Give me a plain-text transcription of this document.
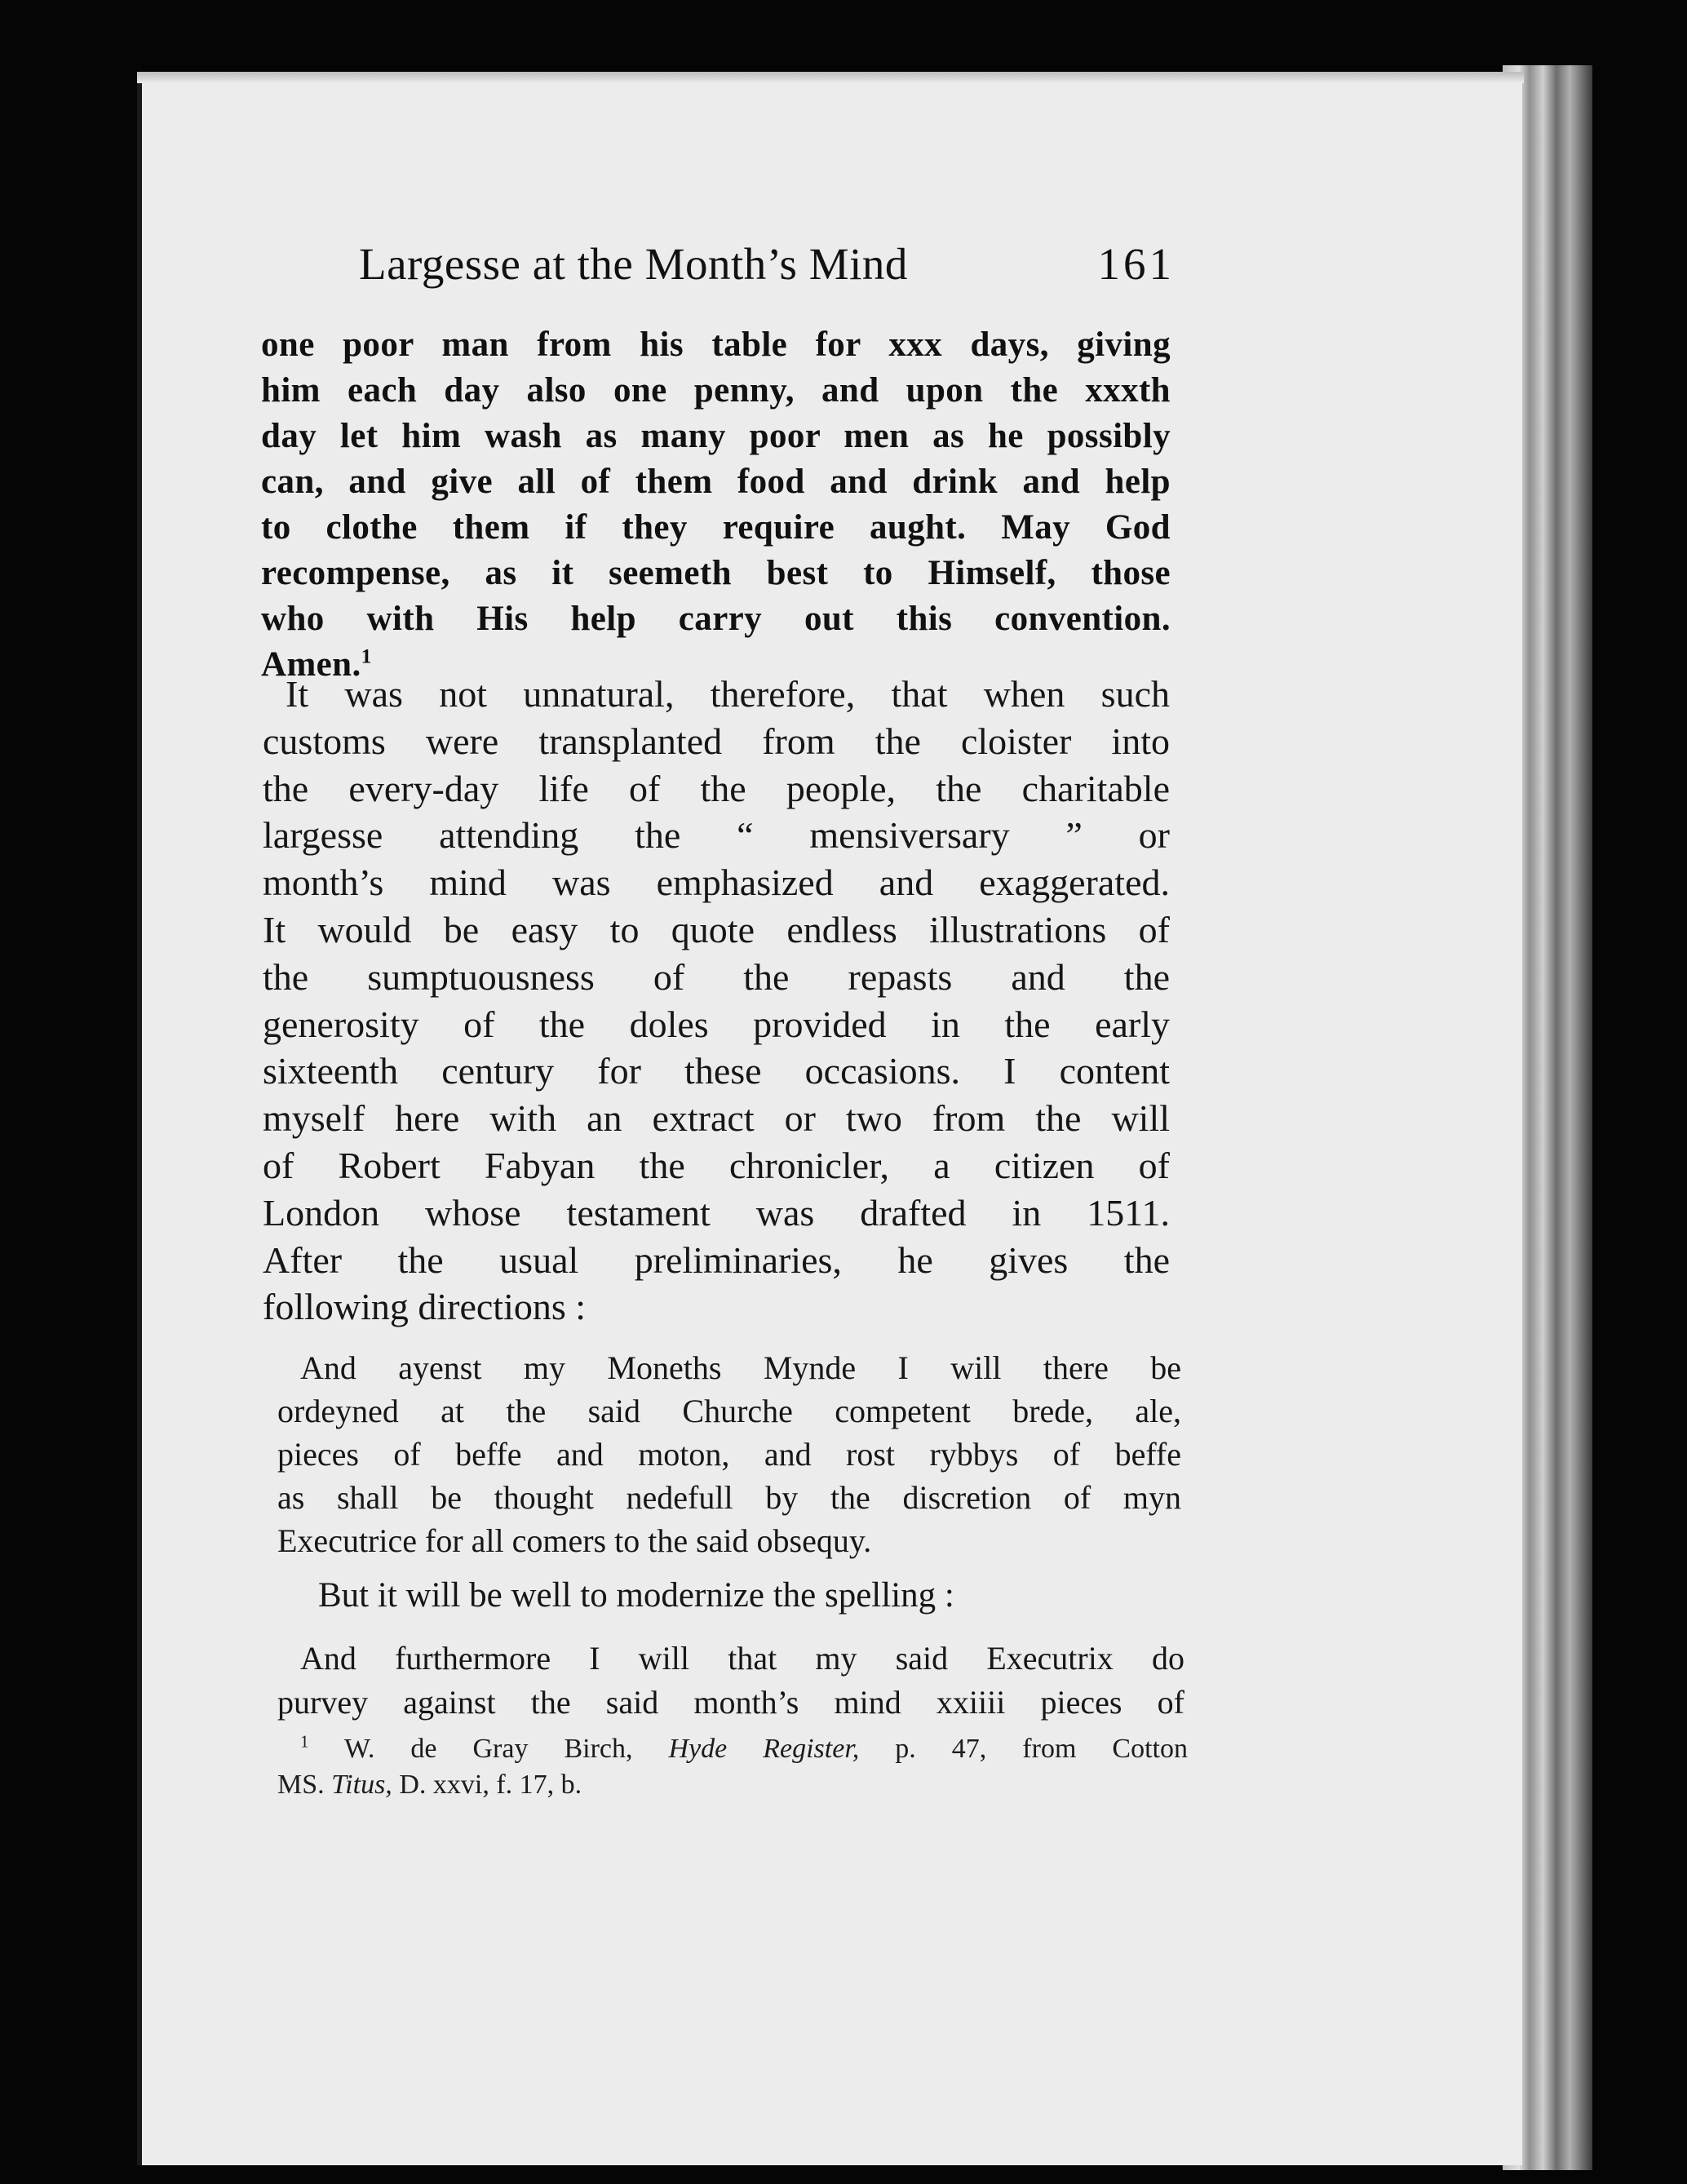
Largesse at the Month’s Mind	161
one poor man from his table for xxx days, giving
him each day also one penny, and upon the xxxth
day let him wash as many poor men as he possibly
can, and give all of them food and drink and help
to clothe them if they require aught. May God
recompense, as it seemeth best to Himself, those
who with His help carry out this convention.
Amen.$^1$
It was not unnatural, therefore, that when such
customs were transplanted from the cloister into
the every-day life of the people, the charitable
largesse attending the “ mensiversary ” or
month’s mind was emphasized and exaggerated.
It would be easy to quote endless illustrations of
the sumptuousness of the repasts and the
generosity of the doles provided in the early
sixteenth century for these occasions. I content
myself here with an extract or two from the will
of Robert Fabyan the chronicler, a citizen of
London whose testament was drafted in 1511.
After the usual preliminaries, he gives the
following directions :
And ayenst my Moneths Mynde I will there be
ordeyned at the said Churche competent brede, ale,
pieces of beffe and moton, and rost rybbys of beffe
as shall be thought nedefull by the discretion of myn
Executrice for all comers to the said obsequy.
But it will be well to modernize the spelling :
And furthermore I will that my said Executrix do
purvey against the said month’s mind xxiiii pieces of
$^1$ W. de Gray Birch, Hyde Register, p. 47, from Cotton
MS. Titus, D. xxvi, f. 17, b.
